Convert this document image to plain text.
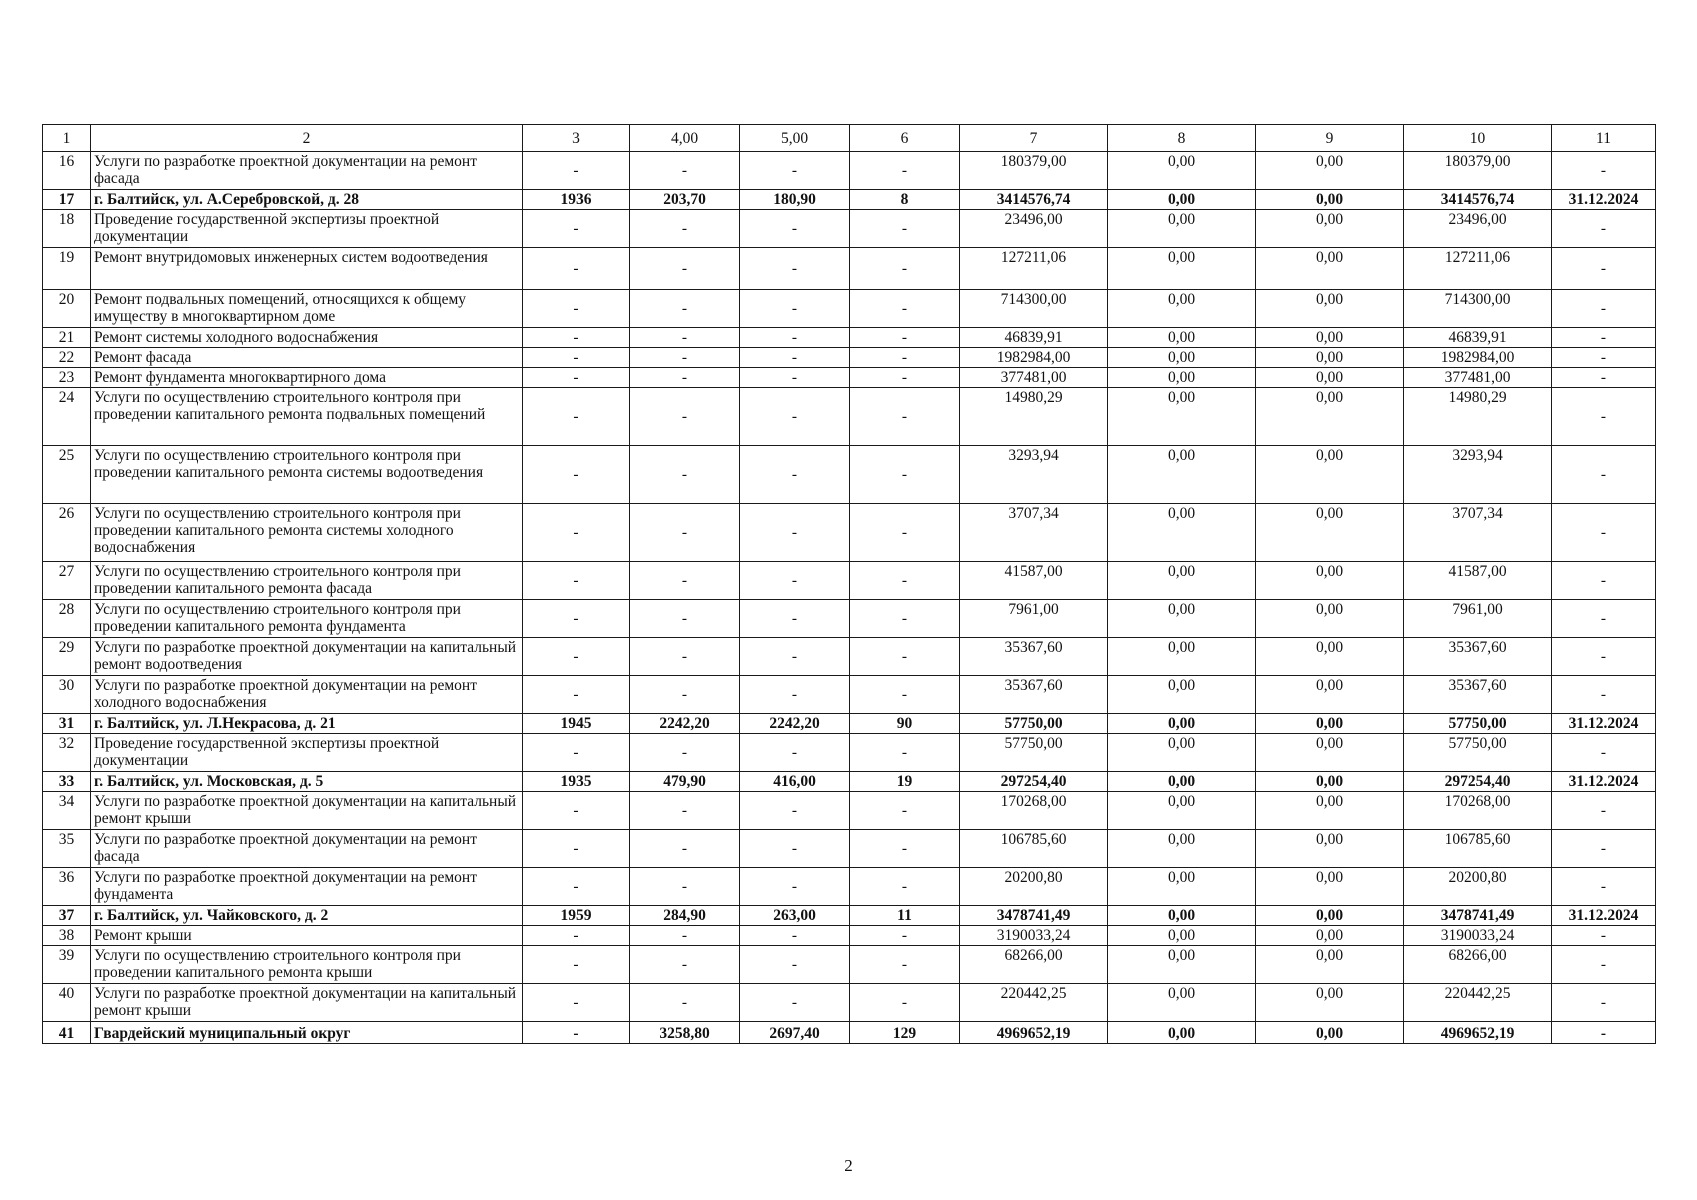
1	2	3	4,00	5,00	6	7	8	9	10	11
16	Услуги по разработке проектной документации на ремонт фасада	-	-	-	-	180379,00	0,00	0,00	180379,00	-
17	г. Балтийск, ул. А.Серебровской, д. 28	1936	203,70	180,90	8	3414576,74	0,00	0,00	3414576,74	31.12.2024
18	Проведение государственной экспертизы проектной документации	-	-	-	-	23496,00	0,00	0,00	23496,00	-
19	Ремонт внутридомовых инженерных систем водоотведения	-	-	-	-	127211,06	0,00	0,00	127211,06	-
20	Ремонт подвальных помещений, относящихся к общему имуществу в многоквартирном доме	-	-	-	-	714300,00	0,00	0,00	714300,00	-
21	Ремонт системы холодного водоснабжения	-	-	-	-	46839,91	0,00	0,00	46839,91	-
22	Ремонт фасада	-	-	-	-	1982984,00	0,00	0,00	1982984,00	-
23	Ремонт фундамента многоквартирного дома	-	-	-	-	377481,00	0,00	0,00	377481,00	-
24	Услуги по осуществлению строительного контроля при проведении капитального ремонта подвальных помещений	-	-	-	-	14980,29	0,00	0,00	14980,29	-
25	Услуги по осуществлению строительного контроля при проведении капитального ремонта системы водоотведения	-	-	-	-	3293,94	0,00	0,00	3293,94	-
26	Услуги по осуществлению строительного контроля при проведении капитального ремонта системы холодного водоснабжения	-	-	-	-	3707,34	0,00	0,00	3707,34	-
27	Услуги по осуществлению строительного контроля при проведении капитального ремонта фасада	-	-	-	-	41587,00	0,00	0,00	41587,00	-
28	Услуги по осуществлению строительного контроля при проведении капитального ремонта фундамента	-	-	-	-	7961,00	0,00	0,00	7961,00	-
29	Услуги по разработке проектной документации на капитальный ремонт водоотведения	-	-	-	-	35367,60	0,00	0,00	35367,60	-
30	Услуги по разработке проектной документации на ремонт холодного водоснабжения	-	-	-	-	35367,60	0,00	0,00	35367,60	-
31	г. Балтийск, ул. Л.Некрасова, д. 21	1945	2242,20	2242,20	90	57750,00	0,00	0,00	57750,00	31.12.2024
32	Проведение государственной экспертизы проектной документации	-	-	-	-	57750,00	0,00	0,00	57750,00	-
33	г. Балтийск, ул. Московская, д. 5	1935	479,90	416,00	19	297254,40	0,00	0,00	297254,40	31.12.2024
34	Услуги по разработке проектной документации на капитальный ремонт крыши	-	-	-	-	170268,00	0,00	0,00	170268,00	-
35	Услуги по разработке проектной документации на ремонт фасада	-	-	-	-	106785,60	0,00	0,00	106785,60	-
36	Услуги по разработке проектной документации на ремонт фундамента	-	-	-	-	20200,80	0,00	0,00	20200,80	-
37	г. Балтийск, ул. Чайковского, д. 2	1959	284,90	263,00	11	3478741,49	0,00	0,00	3478741,49	31.12.2024
38	Ремонт крыши	-	-	-	-	3190033,24	0,00	0,00	3190033,24	-
39	Услуги по осуществлению строительного контроля при проведении капитального ремонта крыши	-	-	-	-	68266,00	0,00	0,00	68266,00	-
40	Услуги по разработке проектной документации на капитальный ремонт крыши	-	-	-	-	220442,25	0,00	0,00	220442,25	-
41	Гвардейский муниципальный округ	-	3258,80	2697,40	129	4969652,19	0,00	0,00	4969652,19	-
2
